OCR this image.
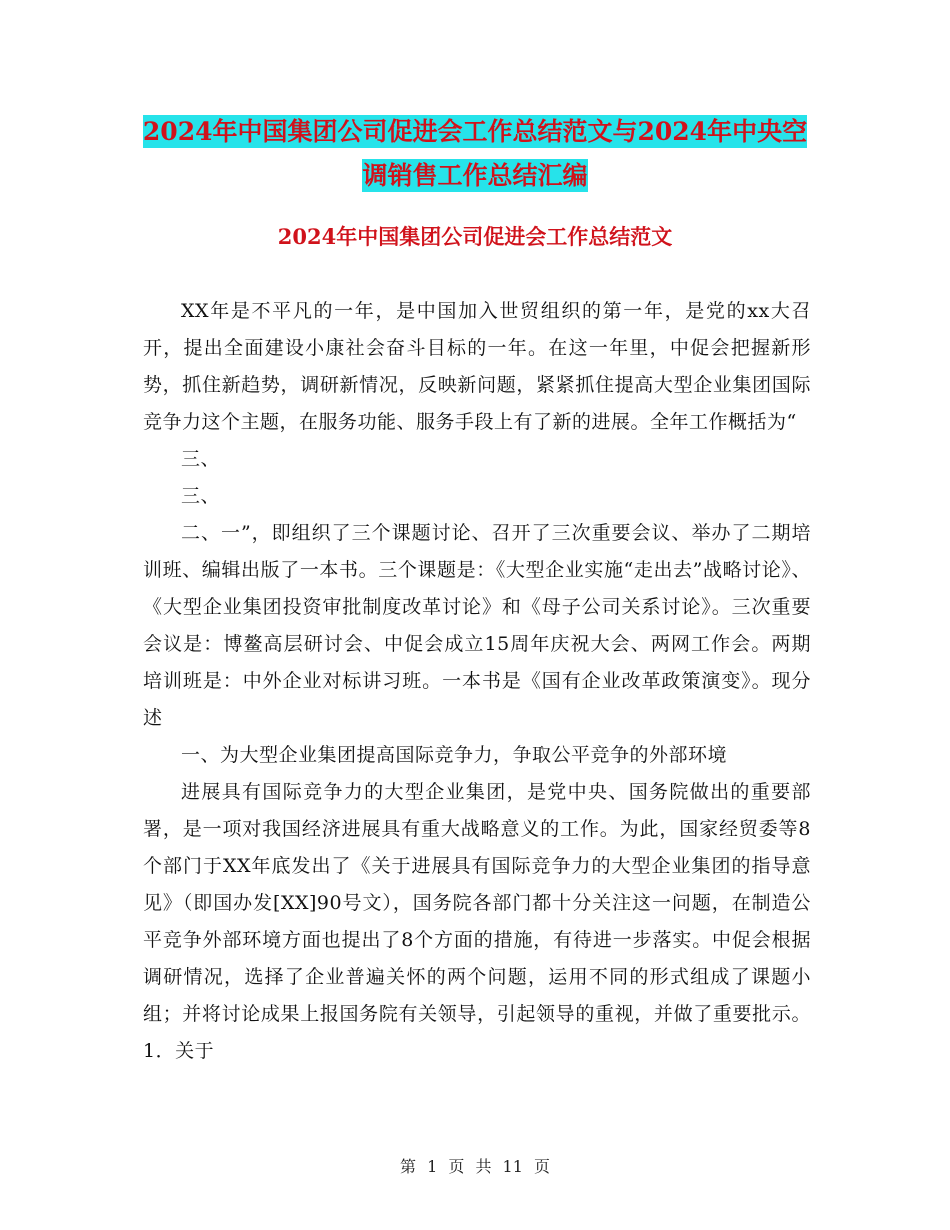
2024年中国集团公司促进会工作总结范文与2024年中央空调销售工作总结汇编
2024年中国集团公司促进会工作总结范文

XX年是不平凡的一年，是中国加入世贸组织的第一年，是党的xx大召开，提出全面建设小康社会奋斗目标的一年。在这一年里，中促会把握新形势，抓住新趋势，调研新情况，反映新问题，紧紧抓住提高大型企业集团国际竞争力这个主题，在服务功能、服务手段上有了新的进展。全年工作概括为“

三、

三、

二、一”，即组织了三个课题讨论、召开了三次重要会议、举办了二期培训班、编辑出版了一本书。三个课题是：《大型企业实施“走出去”战略讨论》、《大型企业集团投资审批制度改革讨论》和《母子公司关系讨论》。三次重要会议是：博鳌高层研讨会、中促会成立15周年庆祝大会、两网工作会。两期培训班是：中外企业对标讲习班。一本书是《国有企业改革政策演变》。现分述

一、为大型企业集团提高国际竞争力，争取公平竞争的外部环境

进展具有国际竞争力的大型企业集团，是党中央、国务院做出的重要部署，是一项对我国经济进展具有重大战略意义的工作。为此，国家经贸委等8个部门于XX年底发出了《关于进展具有国际竞争力的大型企业集团的指导意见》（即国办发[XX]90号文），国务院各部门都十分关注这一问题，在制造公平竞争外部环境方面也提出了8个方面的措施，有待进一步落实。中促会根据调研情况，选择了企业普遍关怀的两个问题，运用不同的形式组成了课题小组；并将讨论成果上报国务院有关领导，引起领导的重视，并做了重要批示。 1．关于

第 1 页 共 11 页
